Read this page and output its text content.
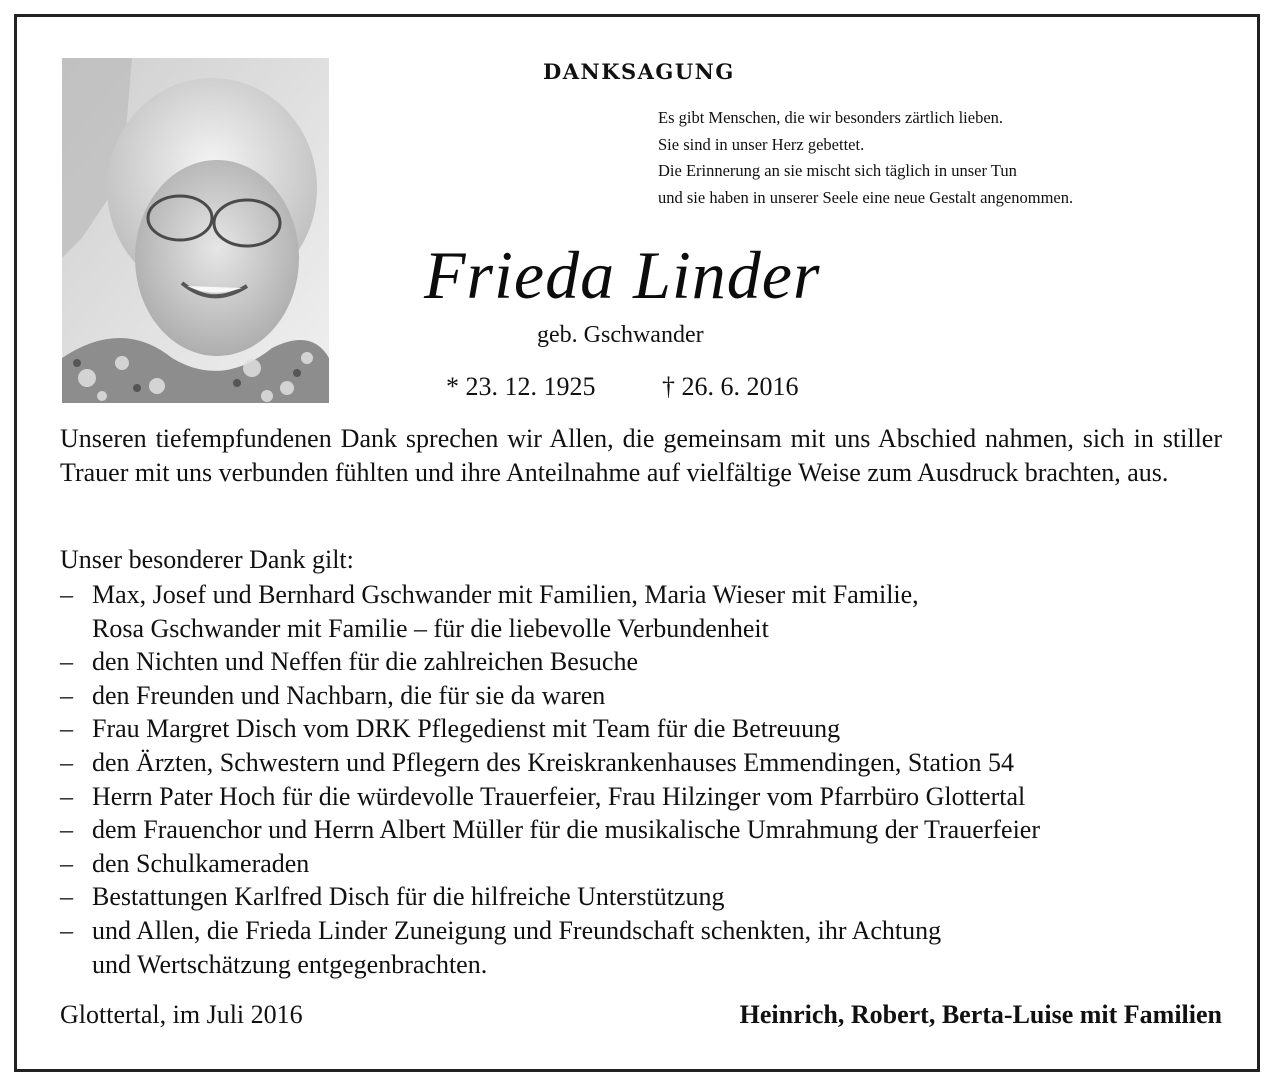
DANKSAGUNG
Es gibt Menschen, die wir besonders zärtlich lieben.
Sie sind in unser Herz gebettet.
Die Erinnerung an sie mischt sich täglich in unser Tun
und sie haben in unserer Seele eine neue Gestalt angenommen.
Frieda Linder
geb. Gschwander
* 23. 12. 1925	† 26. 6. 2016
Unseren tiefempfundenen Dank sprechen wir Allen, die gemeinsam mit uns Abschied nahmen, sich in stiller Trauer mit uns verbunden fühlten und ihre Anteilnahme auf vielfältige Weise zum Ausdruck brachten, aus.
Unser besonderer Dank gilt:
– Max, Josef und Bernhard Gschwander mit Familien, Maria Wieser mit Familie,
Rosa Gschwander mit Familie – für die liebevolle Verbundenheit
– den Nichten und Neffen für die zahlreichen Besuche
– den Freunden und Nachbarn, die für sie da waren
– Frau Margret Disch vom DRK Pflegedienst mit Team für die Betreuung
– den Ärzten, Schwestern und Pflegern des Kreiskrankenhauses Emmendingen, Station 54
– Herrn Pater Hoch für die würdevolle Trauerfeier, Frau Hilzinger vom Pfarrbüro Glottertal
– dem Frauenchor und Herrn Albert Müller für die musikalische Umrahmung der Trauerfeier
– den Schulkameraden
– Bestattungen Karlfred Disch für die hilfreiche Unterstützung
– und Allen, die Frieda Linder Zuneigung und Freundschaft schenkten, ihr Achtung
und Wertschätzung entgegenbrachten.
Glottertal, im Juli 2016	Heinrich, Robert, Berta-Luise mit Familien
